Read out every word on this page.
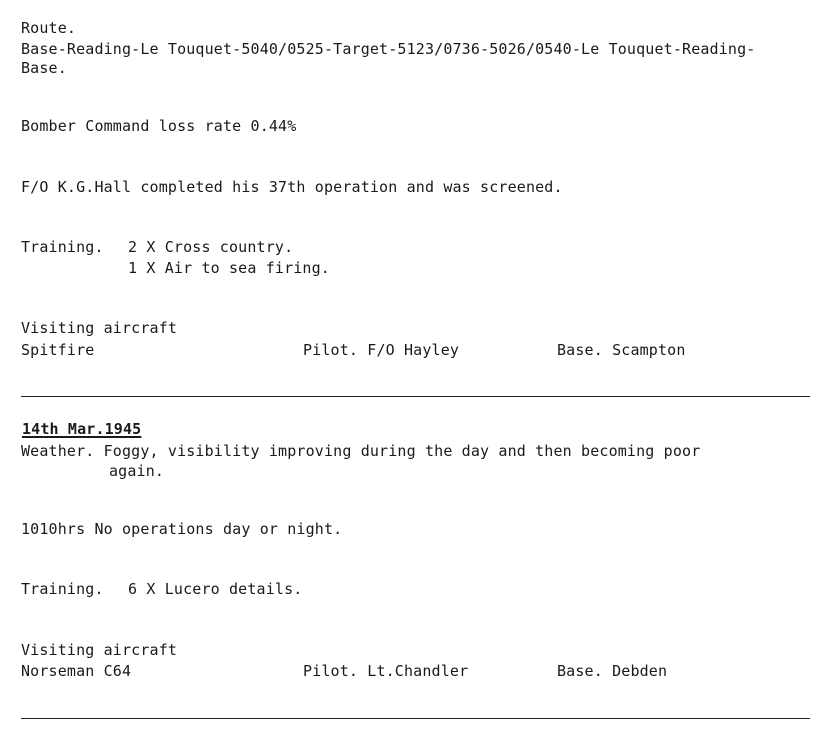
Route.
Base-Reading-Le Touquet-5040/0525-Target-5123/0736-5026/0540-Le Touquet-Reading-
Base.
Bomber Command loss rate 0.44%
F/O K.G.Hall completed his 37th operation and was screened.
Training. 2 X Cross country.
1 X Air to sea firing.
Visiting aircraft
Spitfire	Pilot. F/O Hayley	Base. Scampton
14th Mar.1945
Weather. Foggy, visibility improving during the day and then becoming poor
again.
1010hrs No operations day or night.
Training. 6 X Lucero details.
Visiting aircraft
Norseman C64	Pilot. Lt.Chandler	Base. Debden
